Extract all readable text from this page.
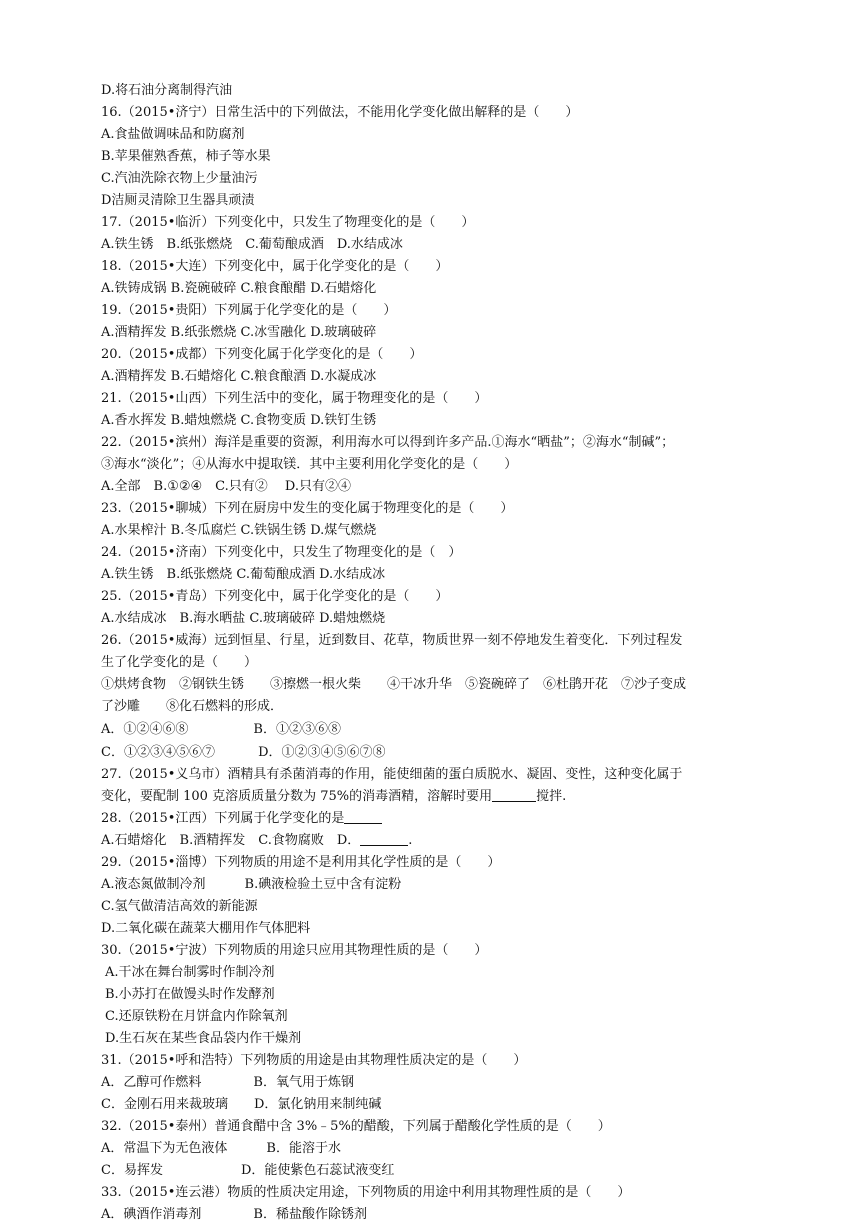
D.将石油分离制得汽油
16.（2015•济宁）日常生活中的下列做法，不能用化学变化做出解释的是（　　）
A.食盐做调味品和防腐剂
B.苹果催熟香蕉，柿子等水果
C.汽油洗除衣物上少量油污
D洁厕灵清除卫生器具顽渍
17.（2015•临沂）下列变化中，只发生了物理变化的是（　　）
A.铁生锈　B.纸张燃烧　C.葡萄酿成酒　D.水结成冰
18.（2015•大连）下列变化中，属于化学变化的是（　　）
A.铁铸成锅 B.瓷碗破碎 C.粮食酿醋 D.石蜡熔化
19.（2015•贵阳）下列属于化学变化的是（　　）
A.酒精挥发 B.纸张燃烧 C.冰雪融化 D.玻璃破碎
20.（2015•成都）下列变化属于化学变化的是（　　）
A.酒精挥发 B.石蜡熔化 C.粮食酿酒 D.水凝成冰
21.（2015•山西）下列生活中的变化，属于物理变化的是（　　）
A.香水挥发 B.蜡烛燃烧 C.食物变质 D.铁钉生锈
22.（2015•滨州）海洋是重要的资源，利用海水可以得到许多产品.①海水“晒盐”；②海水“制碱”；
③海水“淡化”；④从海水中提取镁．其中主要利用化学变化的是（　　）
A.全部　B.①②④　C.只有②　 D.只有②④
23.（2015•聊城）下列在厨房中发生的变化属于物理变化的是（　　）
A.水果榨汁 B.冬瓜腐烂 C.铁锅生锈 D.煤气燃烧
24.（2015•济南）下列变化中，只发生了物理变化的是（　）
A.铁生锈　B.纸张燃烧 C.葡萄酿成酒 D.水结成冰
25.（2015•青岛）下列变化中，属于化学变化的是（　　）
A.水结成冰　B.海水晒盐 C.玻璃破碎 D.蜡烛燃烧
26.（2015•威海）远到恒星、行星，近到数目、花草，物质世界一刻不停地发生着变化．下列过程发
生了化学变化的是（　　）
①烘烤食物　②钢铁生锈　　③擦燃一根火柴　　④干冰升华　⑤瓷碗碎了　⑥杜鹃开花　⑦沙子变成
了沙雕　　⑧化石燃料的形成．
A．①②④⑥⑧　　　　　B．①②③⑥⑧
C．①②③④⑤⑥⑦　　　 D．①②③④⑤⑥⑦⑧
27.（2015•义乌市）酒精具有杀菌消毒的作用，能使细菌的蛋白质脱水、凝固、变性，这种变化属于
变化，要配制 100 克溶质质量分数为 75%的消毒酒精，溶解时要用	搅拌.
28.（2015•江西）下列属于化学变化的是
A.石蜡熔化　B.酒精挥发　C.食物腐败　D．	.
29.（2015•淄博）下列物质的用途不是利用其化学性质的是（　　）
A.液态氮做制冷剂　　　B.碘液检验土豆中含有淀粉
C.氢气做清洁高效的新能源
D.二氧化碳在蔬菜大棚用作气体肥料
30.（2015•宁波）下列物质的用途只应用其物理性质的是（　　）
A.干冰在舞台制雾时作制冷剂
B.小苏打在做馒头时作发酵剂
C.还原铁粉在月饼盒内作除氧剂
D.生石灰在某些食品袋内作干燥剂
31.（2015•呼和浩特）下列物质的用途是由其物理性质决定的是（　　）
A．乙醇可作燃料　　　　B．氧气用于炼钢
C．金刚石用来裁玻璃　　D．氯化钠用来制纯碱
32.（2015•泰州）普通食醋中含 3%﹣5%的醋酸，下列属于醋酸化学性质的是（　　）
A．常温下为无色液体　　　B．能溶于水
C．易挥发　　　　　　D．能使紫色石蕊试液变红
33.（2015•连云港）物质的性质决定用途，下列物质的用途中利用其物理性质的是（　　）
A．碘酒作消毒剂　　　　B．稀盐酸作除锈剂
